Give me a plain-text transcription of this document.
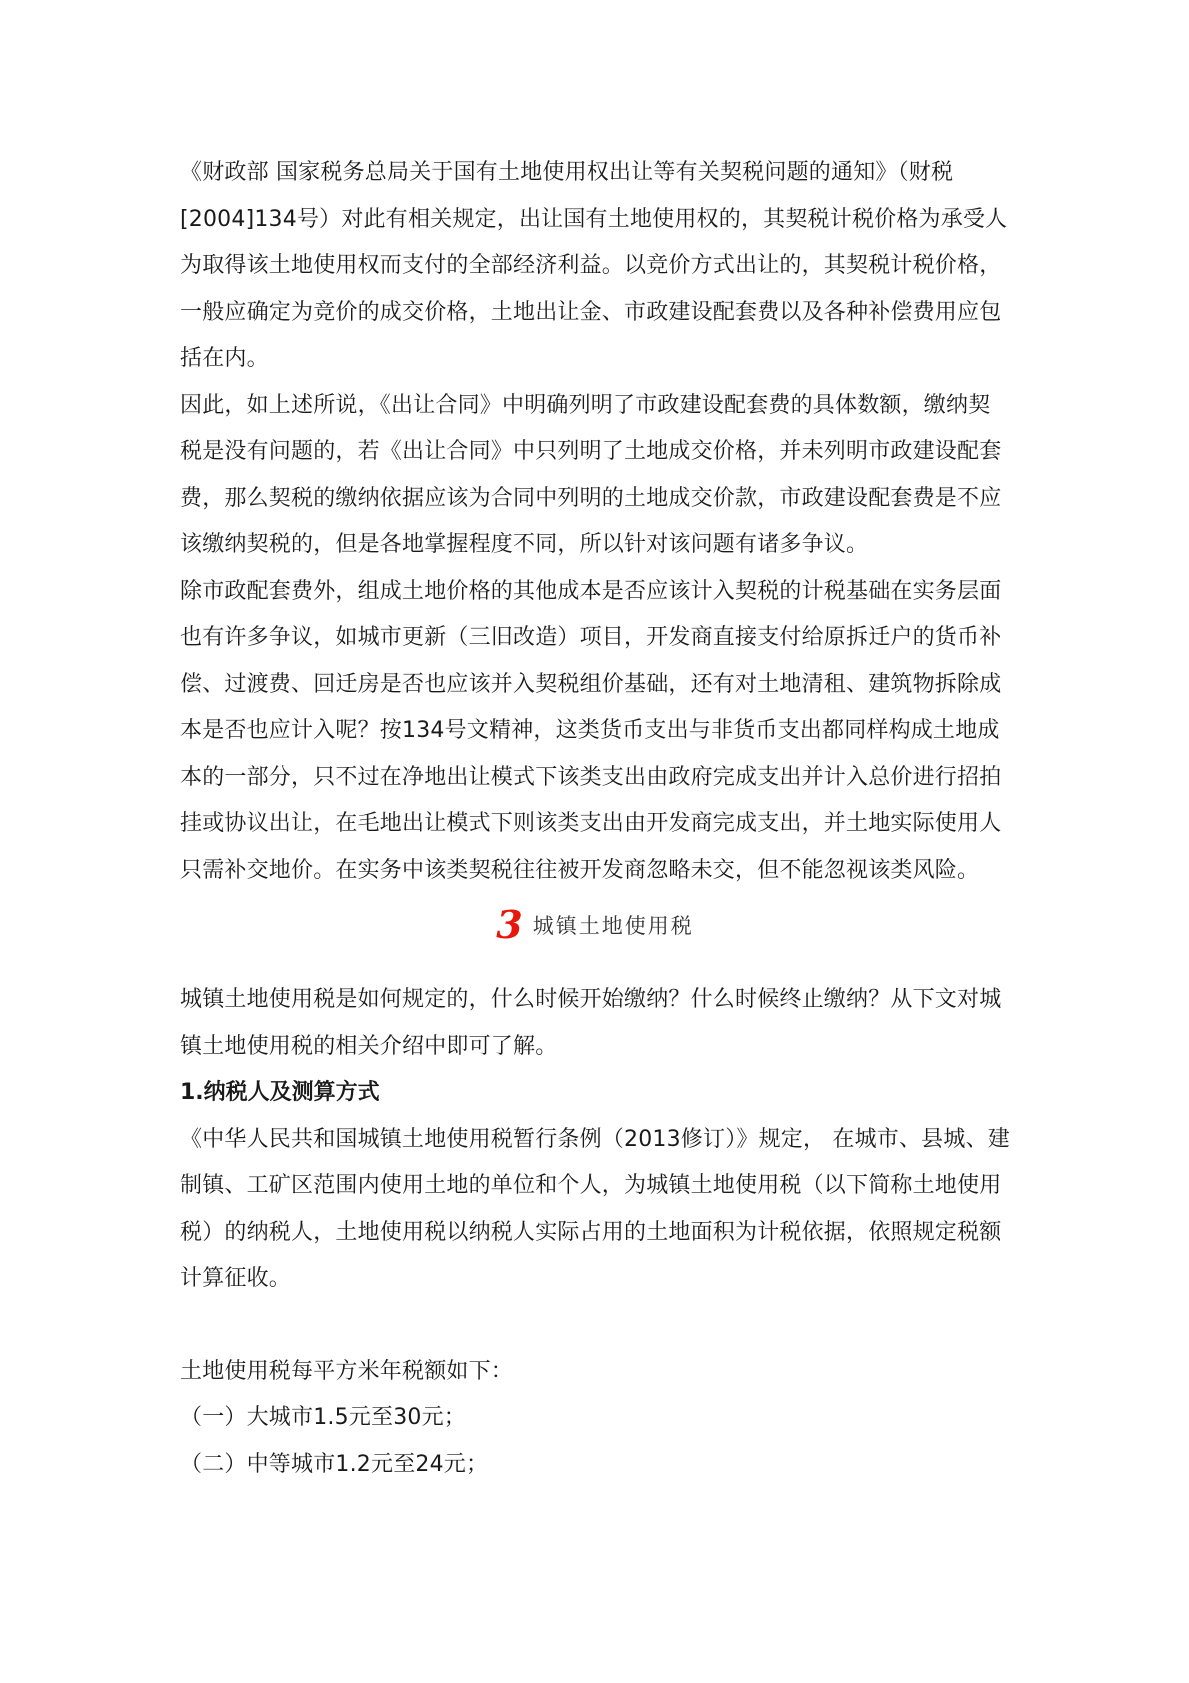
《财政部 国家税务总局关于国有土地使用权出让等有关契税问题的通知》（财税[2004]134号）对此有相关规定，出让国有土地使用权的，其契税计税价格为承受人为取得该土地使用权而支付的全部经济利益。以竞价方式出让的，其契税计税价格，一般应确定为竞价的成交价格，土地出让金、市政建设配套费以及各种补偿费用应包括在内。

因此，如上述所说，《出让合同》中明确列明了市政建设配套费的具体数额，缴纳契税是没有问题的，若《出让合同》中只列明了土地成交价格，并未列明市政建设配套费，那么契税的缴纳依据应该为合同中列明的土地成交价款，市政建设配套费是不应该缴纳契税的，但是各地掌握程度不同，所以针对该问题有诸多争议。

除市政配套费外，组成土地价格的其他成本是否应该计入契税的计税基础在实务层面也有许多争议，如城市更新（三旧改造）项目，开发商直接支付给原拆迁户的货币补偿、过渡费、回迁房是否也应该并入契税组价基础，还有对土地清租、建筑物拆除成本是否也应计入呢？按134号文精神，这类货币支出与非货币支出都同样构成土地成本的一部分，只不过在净地出让模式下该类支出由政府完成支出并计入总价进行招拍挂或协议出让，在毛地出让模式下则该类支出由开发商完成支出，并土地实际使用人只需补交地价。在实务中该类契税往往被开发商忽略未交，但不能忽视该类风险。

3 城镇土地使用税

城镇土地使用税是如何规定的，什么时候开始缴纳？什么时候终止缴纳？从下文对城镇土地使用税的相关介绍中即可了解。

1.纳税人及测算方式

《中华人民共和国城镇土地使用税暂行条例（2013修订）》规定， 在城市、县城、建制镇、工矿区范围内使用土地的单位和个人，为城镇土地使用税（以下简称土地使用税）的纳税人，土地使用税以纳税人实际占用的土地面积为计税依据，依照规定税额计算征收。

土地使用税每平方米年税额如下：

（一）大城市1.5元至30元；

（二）中等城市1.2元至24元；
